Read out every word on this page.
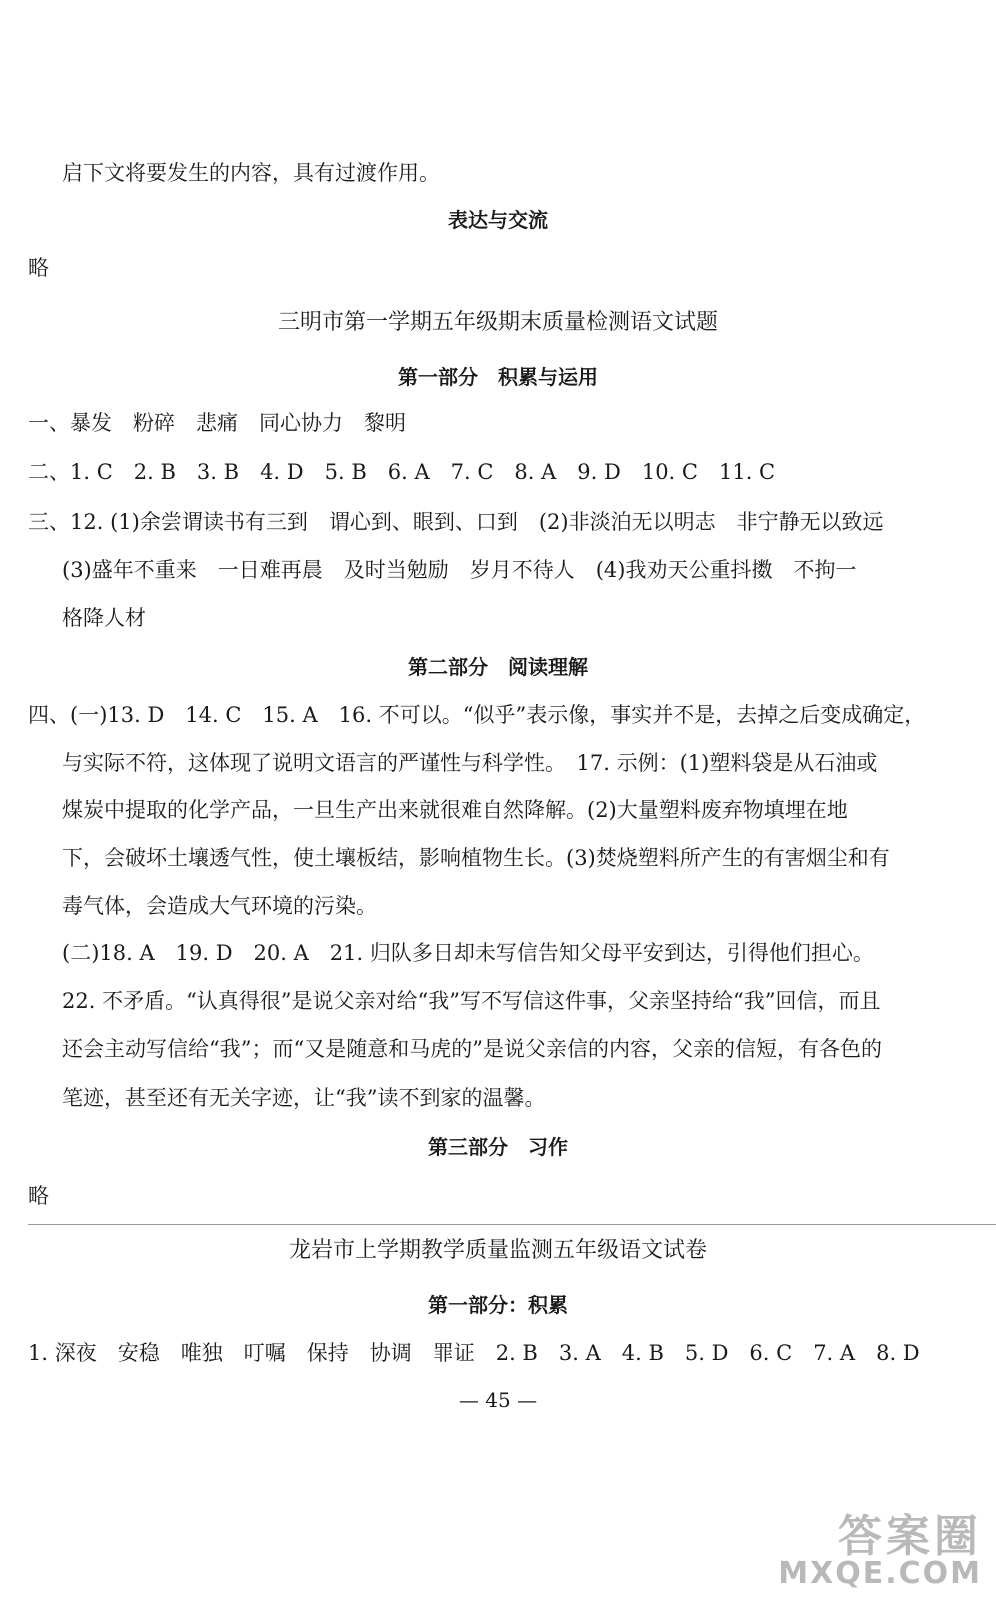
启下文将要发生的内容，具有过渡作用。
表达与交流
略
三明市第一学期五年级期末质量检测语文试题
第一部分　积累与运用
一、暴发　粉碎　悲痛　同心协力　黎明
二、1. C　2. B　3. B　4. D　5. B　6. A　7. C　8. A　9. D　10. C　11. C
三、12. (1)余尝谓读书有三到　谓心到、眼到、口到　(2)非淡泊无以明志　非宁静无以致远
(3)盛年不重来　一日难再晨　及时当勉励　岁月不待人　(4)我劝天公重抖擞　不拘一
格降人材
第二部分　阅读理解
四、(一)13. D　14. C　15. A　16. 不可以。“似乎”表示像，事实并不是，去掉之后变成确定，
与实际不符，这体现了说明文语言的严谨性与科学性。　17. 示例：(1)塑料袋是从石油或
煤炭中提取的化学产品，一旦生产出来就很难自然降解。(2)大量塑料废弃物填埋在地
下，会破坏土壤透气性，使土壤板结，影响植物生长。(3)焚烧塑料所产生的有害烟尘和有
毒气体，会造成大气环境的污染。
(二)18. A　19. D　20. A　21. 归队多日却未写信告知父母平安到达，引得他们担心。
22. 不矛盾。“认真得很”是说父亲对给“我”写不写信这件事，父亲坚持给“我”回信，而且
还会主动写信给“我”；而“又是随意和马虎的”是说父亲信的内容，父亲的信短，有各色的
笔迹，甚至还有无关字迹，让“我”读不到家的温馨。
第三部分　习作
略
龙岩市上学期教学质量监测五年级语文试卷
第一部分：积累
1. 深夜　安稳　唯独　叮嘱　保持　协调　罪证　2. B　3. A　4. B　5. D　6. C　7. A　8. D
— 45 —
答案圈
MXQE.COM
